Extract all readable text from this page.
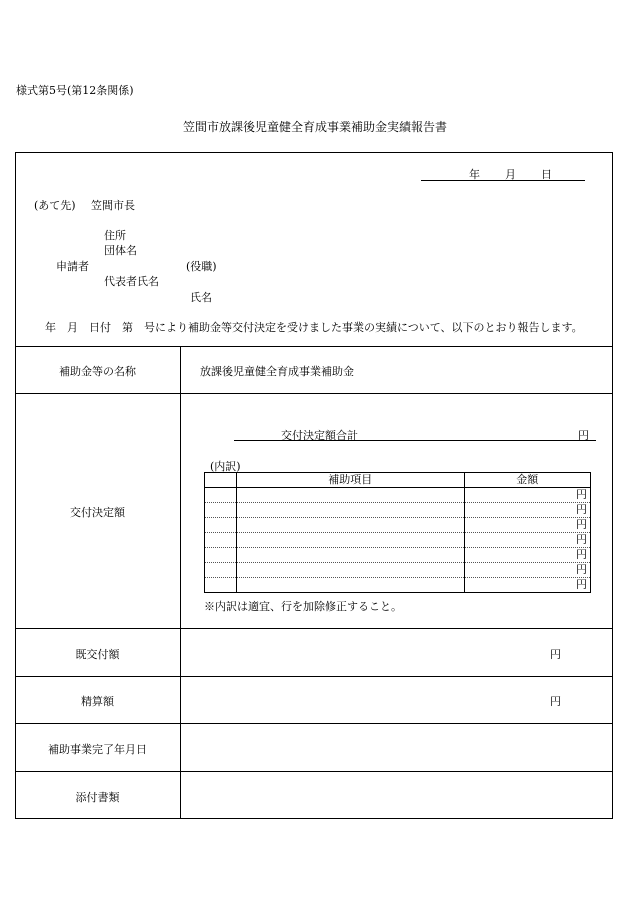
様式第5号(第12条関係)
笠間市放課後児童健全育成事業補助金実績報告書
年 月 日
(あて先) 笠間市長
住所
団体名
申請者	(役職)
代表者氏名
氏名
年　月　日付　第　号により補助金等交付決定を受けました事業の実績について、以下のとおり報告します。
補助金等の名称	放課後児童健全育成事業補助金
交付決定額
交付決定額合計	円
(内訳)
	補助項目	金額
		円
		円
		円
		円
		円
		円
		円
※内訳は適宜、行を加除修正すること。
既交付額	円
精算額	円
補助事業完了年月日
添付書類
